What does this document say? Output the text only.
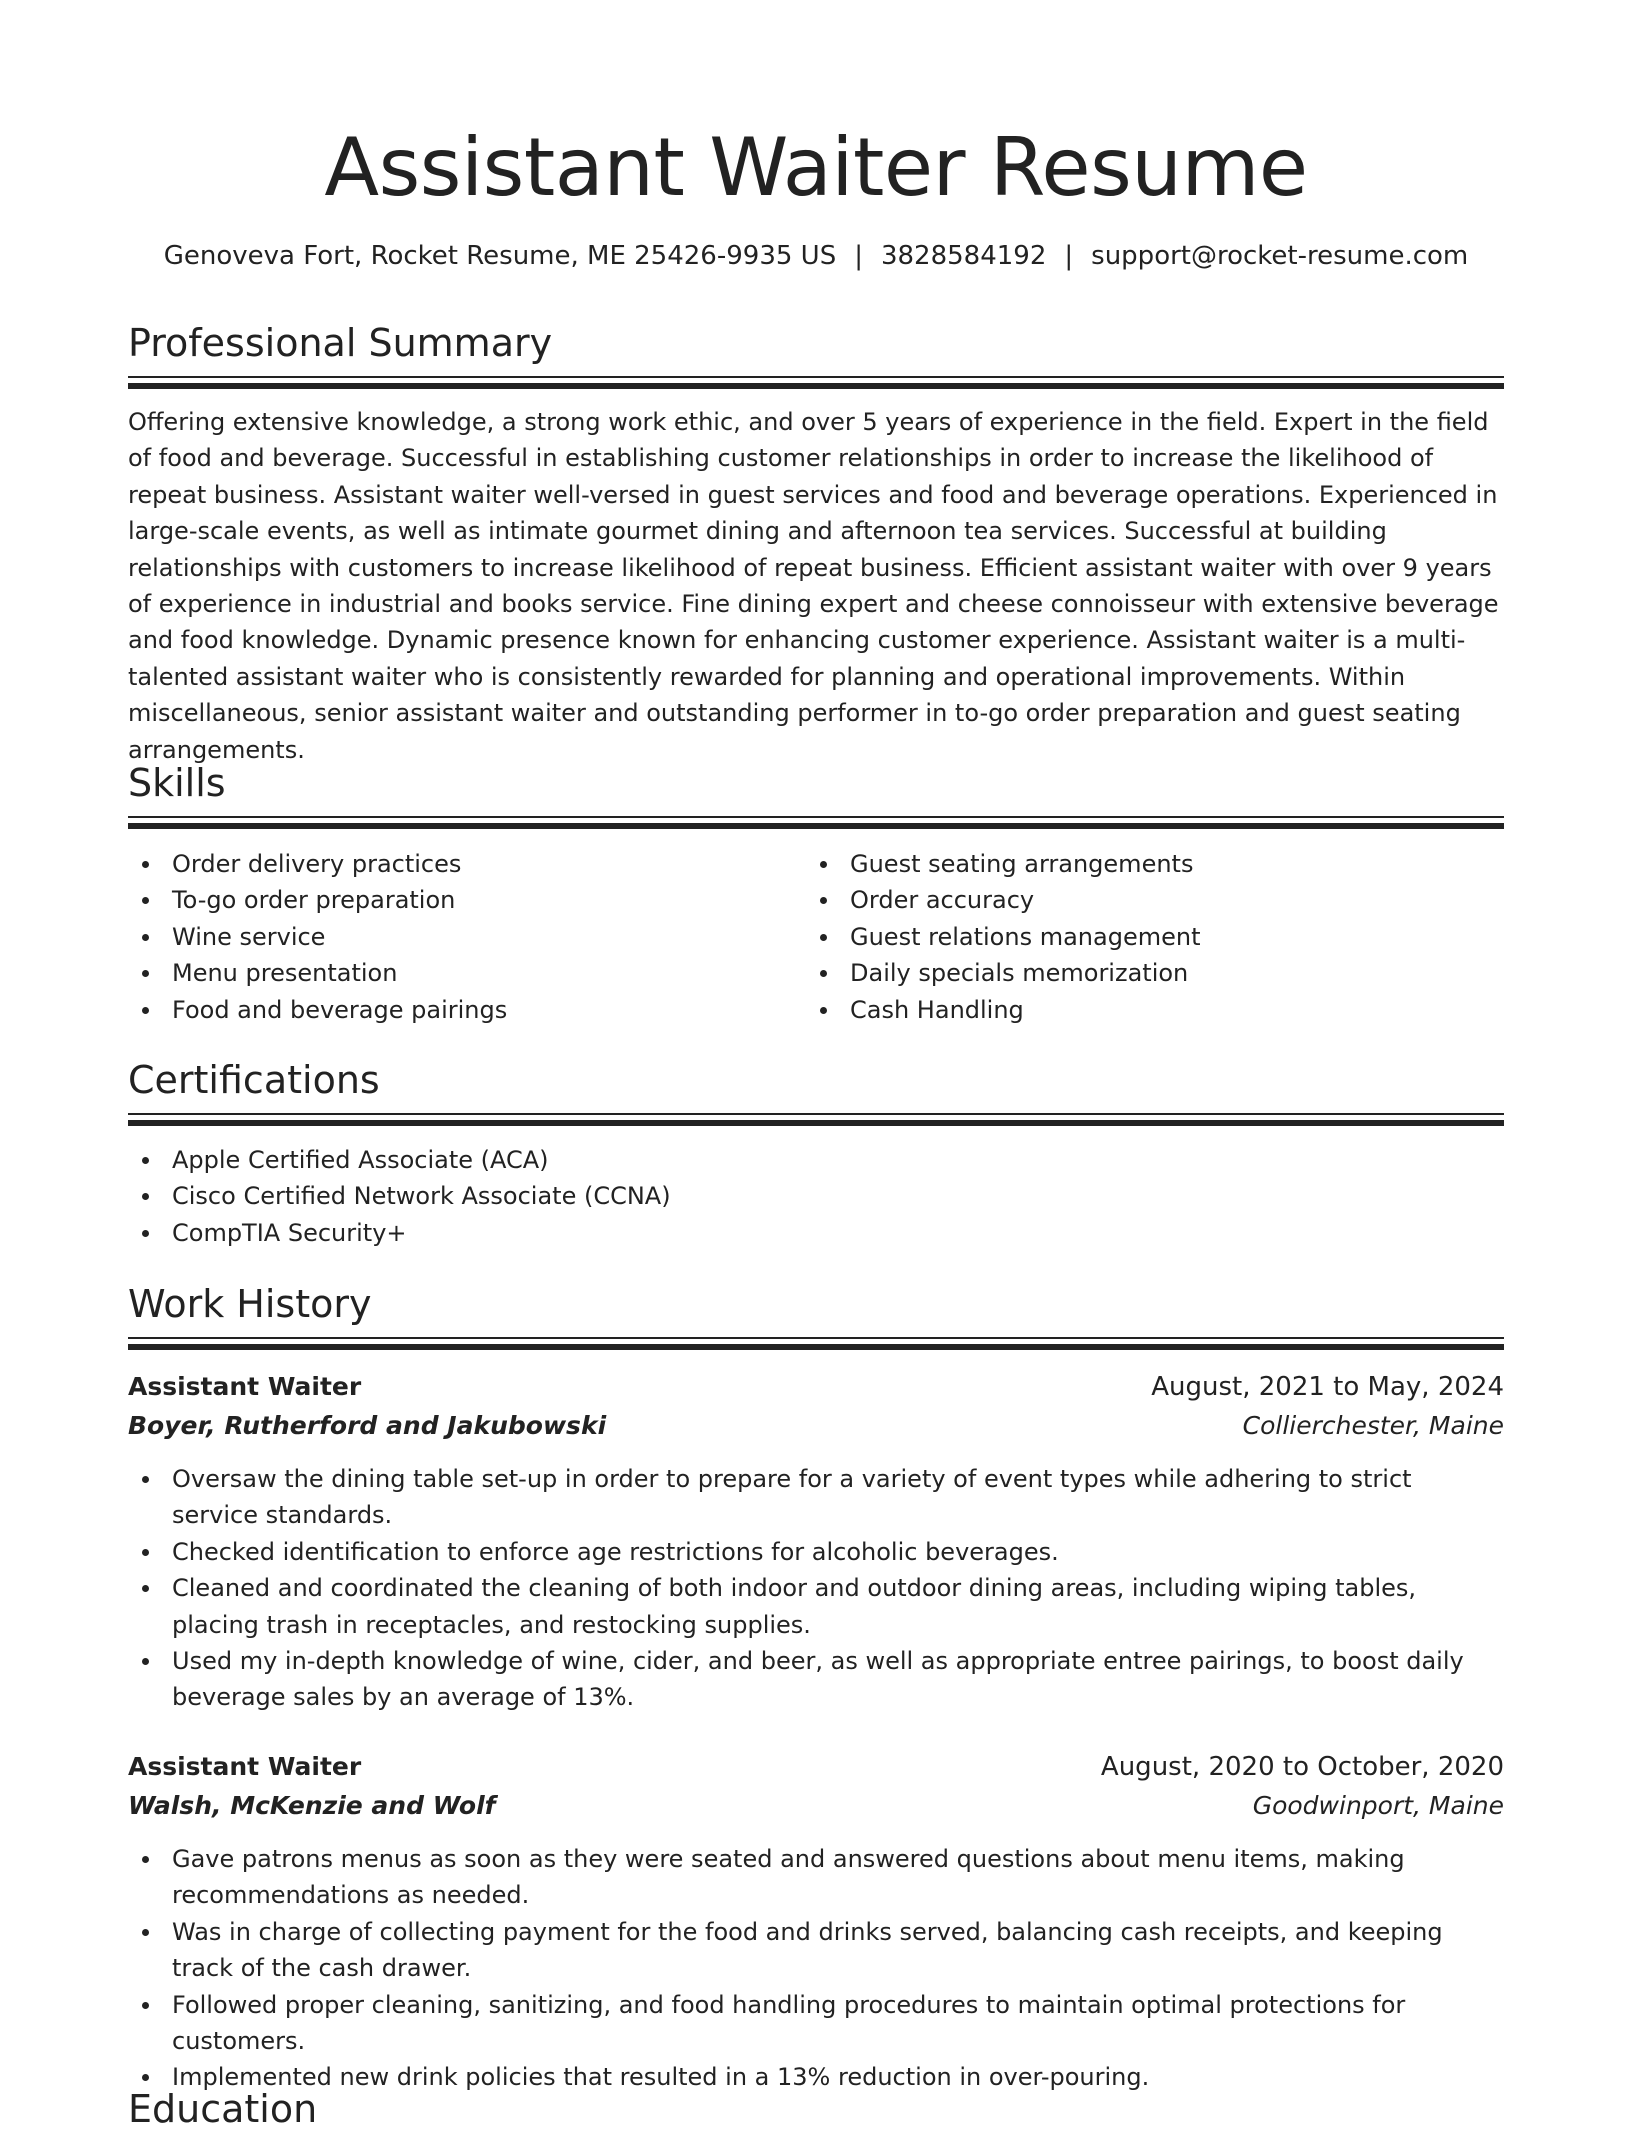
Assistant Waiter Resume
Genoveva Fort, Rocket Resume, ME 25426-9935 US | 3828584192 | support@rocket-resume.com
Professional Summary

Offering extensive knowledge, a strong work ethic, and over 5 years of experience in the field. Expert in the field of food and beverage. Successful in establishing customer relationships in order to increase the likelihood of repeat business. Assistant waiter well-versed in guest services and food and beverage operations. Experienced in large-scale events, as well as intimate gourmet dining and afternoon tea services. Successful at building relationships with customers to increase likelihood of repeat business. Efficient assistant waiter with over 9 years of experience in industrial and books service. Fine dining expert and cheese connoisseur with extensive beverage and food knowledge. Dynamic presence known for enhancing customer experience. Assistant waiter is a multi-talented assistant waiter who is consistently rewarded for planning and operational improvements. Within miscellaneous, senior assistant waiter and outstanding performer in to-go order preparation and guest seating arrangements.

Skills
Order delivery practices
To-go order preparation
Wine service
Menu presentation
Food and beverage pairings
Guest seating arrangements
Order accuracy
Guest relations management
Daily specials memorization
Cash Handling
Certifications
Apple Certified Associate (ACA)
Cisco Certified Network Associate (CCNA)
CompTIA Security+
Work History
Assistant Waiter	August, 2021 to May, 2024
Boyer, Rutherford and Jakubowski	Collierchester, Maine
Oversaw the dining table set-up in order to prepare for a variety of event types while adhering to strict service standards.
Checked identification to enforce age restrictions for alcoholic beverages.
Cleaned and coordinated the cleaning of both indoor and outdoor dining areas, including wiping tables, placing trash in receptacles, and restocking supplies.
Used my in-depth knowledge of wine, cider, and beer, as well as appropriate entree pairings, to boost daily beverage sales by an average of 13%.
Assistant Waiter	August, 2020 to October, 2020
Walsh, McKenzie and Wolf	Goodwinport, Maine
Gave patrons menus as soon as they were seated and answered questions about menu items, making recommendations as needed.
Was in charge of collecting payment for the food and drinks served, balancing cash receipts, and keeping track of the cash drawer.
Followed proper cleaning, sanitizing, and food handling procedures to maintain optimal protections for customers.
Implemented new drink policies that resulted in a 13% reduction in over-pouring.
Education
